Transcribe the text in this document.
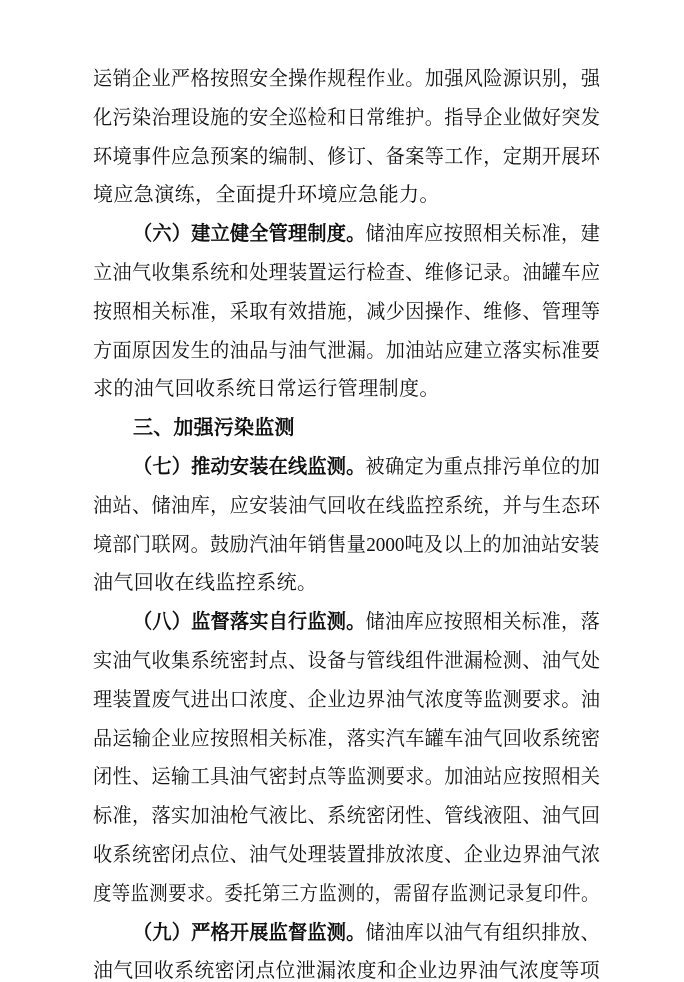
运销企业严格按照安全操作规程作业。加强风险源识别，强
化污染治理设施的安全巡检和日常维护。指导企业做好突发
环境事件应急预案的编制、修订、备案等工作，定期开展环
境应急演练，全面提升环境应急能力。
（六）建立健全管理制度。储油库应按照相关标准，建
立油气收集系统和处理装置运行检查、维修记录。油罐车应
按照相关标准，采取有效措施，减少因操作、维修、管理等
方面原因发生的油品与油气泄漏。加油站应建立落实标准要
求的油气回收系统日常运行管理制度。
三、加强污染监测
（七）推动安装在线监测。被确定为重点排污单位的加
油站、储油库，应安装油气回收在线监控系统，并与生态环
境部门联网。鼓励汽油年销售量2000吨及以上的加油站安装
油气回收在线监控系统。
（八）监督落实自行监测。储油库应按照相关标准，落
实油气收集系统密封点、设备与管线组件泄漏检测、油气处
理装置废气进出口浓度、企业边界油气浓度等监测要求。油
品运输企业应按照相关标准，落实汽车罐车油气回收系统密
闭性、运输工具油气密封点等监测要求。加油站应按照相关
标准，落实加油枪气液比、系统密闭性、管线液阻、油气回
收系统密闭点位、油气处理装置排放浓度、企业边界油气浓
度等监测要求。委托第三方监测的，需留存监测记录复印件。
（九）严格开展监督监测。储油库以油气有组织排放、
油气回收系统密闭点位泄漏浓度和企业边界油气浓度等项
